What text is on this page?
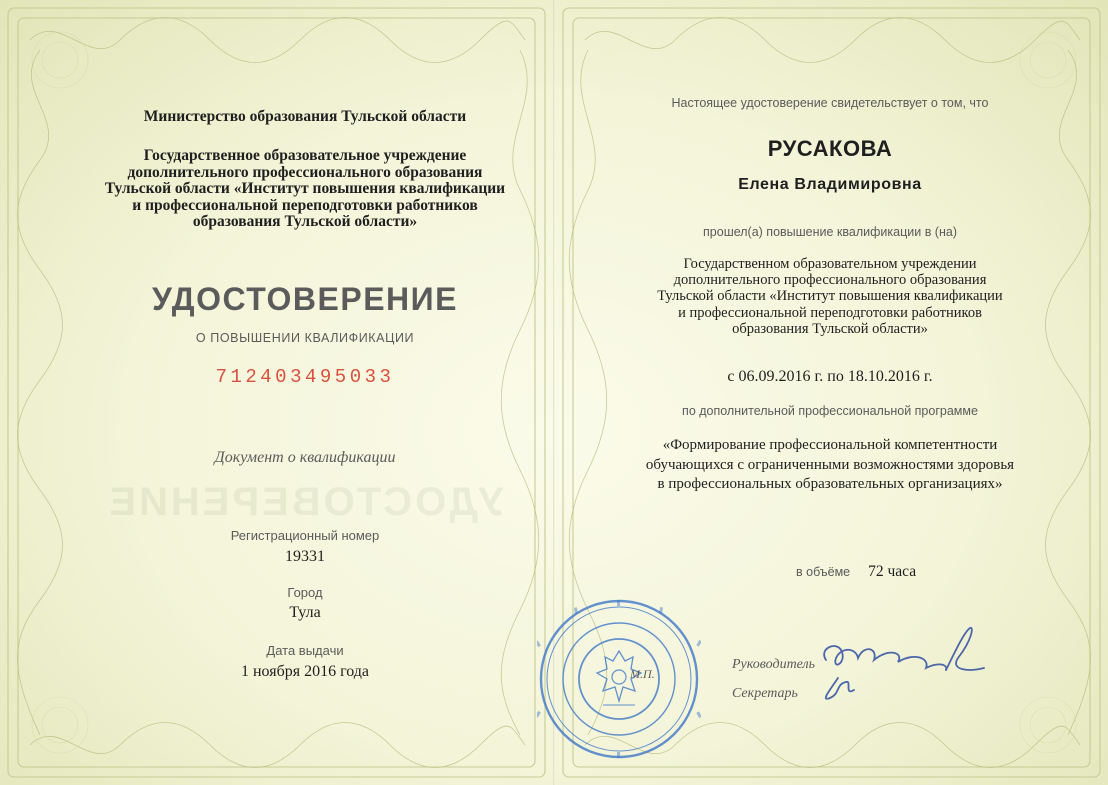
Министерство образования Тульской области
Государственное образовательное учреждение
дополнительного профессионального образования
Тульской области «Институт повышения квалификации
и профессиональной переподготовки работников
образования Тульской области»
УДОСТОВЕРЕНИЕ
О ПОВЫШЕНИИ КВАЛИФИКАЦИИ
712403495033
Документ о квалификации
УДОСТОВЕРЕНИЕ
Регистрационный номер
19331
Город
Тула
Дата выдачи
1 ноября 2016 года
Настоящее удостоверение свидетельствует о том, что
РУСАКОВА
Елена Владимировна
прошел(а) повышение квалификации в (на)
Государственном образовательном учреждении
дополнительного профессионального образования
Тульской области «Институт повышения квалификации
и профессиональной переподготовки работников
образования Тульской области»
с 06.09.2016 г. по 18.10.2016 г.
по дополнительной профессиональной программе
«Формирование профессиональной компетентности
обучающихся с ограниченными возможностями здоровья
в профессиональных образовательных организациях»
в объёме 72 часа
Руководитель
Секретарь
М.П.
